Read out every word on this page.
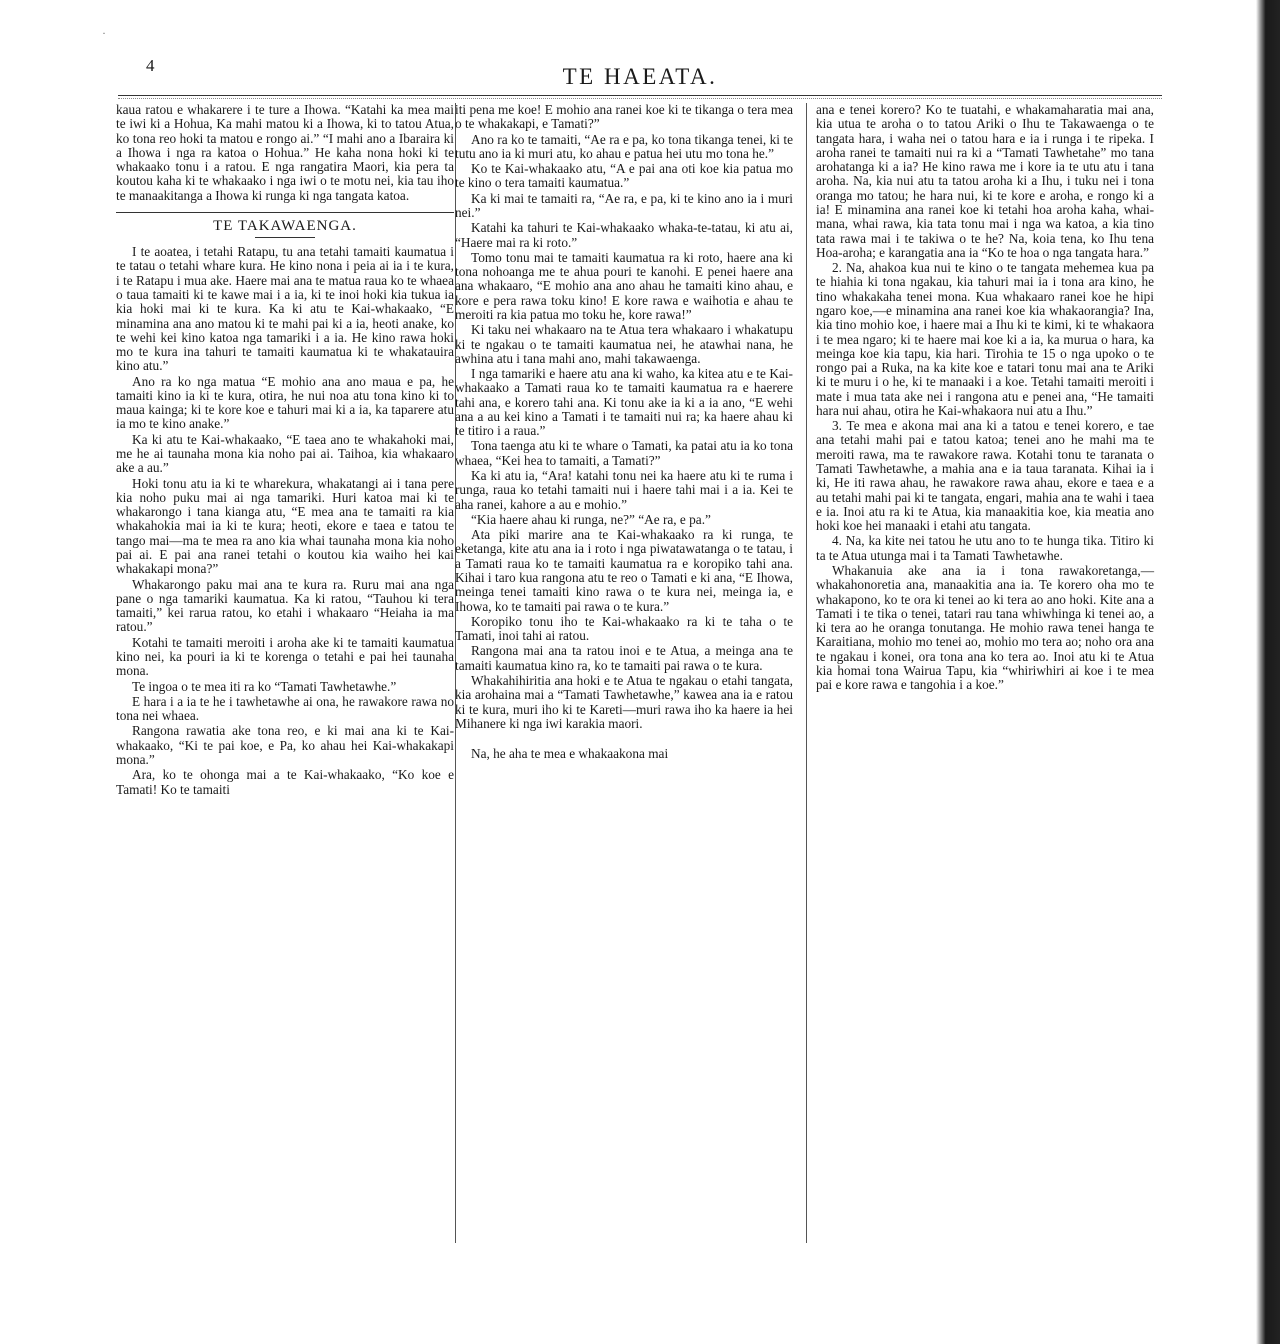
·
4	TE HAEATA.

kaua ratou e whakarere i te ture a Ihowa. “Katahi ka mea mai te iwi ki a Hohua, Ka mahi matou ki a Ihowa, ki to tatou Atua, ko tona reo hoki ta matou e rongo ai.” “I mahi ano a Ibaraira ki a Ihowa i nga ra katoa o Hohua.” He kaha nona hoki ki te whakaako tonu i a ratou. E nga rangatira Maori, kia pera ta koutou kaha ki te whakaako i nga iwi o te motu nei, kia tau iho te manaakitanga a Ihowa ki runga ki nga tangata katoa.

TE TAKAWAENGA.

I te aoatea, i tetahi Ratapu, tu ana tetahi tamaiti kaumatua i te tatau o tetahi whare kura. He kino nona i peia ai ia i te kura, i te Ratapu i mua ake. Haere mai ana te matua raua ko te whaea o taua tamaiti ki te kawe mai i a ia, ki te inoi hoki kia tukua ia kia hoki mai ki te kura. Ka ki atu te Kai-whakaako, “E minamina ana ano matou ki te mahi pai ki a ia, heoti anake, ko te wehi kei kino katoa nga tamariki i a ia. He kino rawa hoki mo te kura ina tahuri te tamaiti kaumatua ki te whakatauira kino atu.”

Ano ra ko nga matua “E mohio ana ano maua e pa, he tamaiti kino ia ki te kura, otira, he nui noa atu tona kino ki to maua kainga; ki te kore koe e tahuri mai ki a ia, ka taparere atu ia mo te kino anake.”

Ka ki atu te Kai-whakaako, “E taea ano te whakahoki mai, me he ai taunaha mona kia noho pai ai. Taihoa, kia whakaaro ake a au.”

Hoki tonu atu ia ki te wharekura, whakatangi ai i tana pere kia noho puku mai ai nga tamariki. Huri katoa mai ki te whakarongo i tana kianga atu, “E mea ana te tamaiti ra kia whakahokia mai ia ki te kura; heoti, ekore e taea e tatou te tango mai—ma te mea ra ano kia whai taunaha mona kia noho pai ai. E pai ana ranei tetahi o koutou kia waiho hei kai whakakapi mona?”

Whakarongo paku mai ana te kura ra. Ruru mai ana nga pane o nga tamariki kaumatua. Ka ki ratou, “Tauhou ki tera tamaiti,” kei rarua ratou, ko etahi i whakaaro “Heiaha ia ma ratou.”

Kotahi te tamaiti meroiti i aroha ake ki te tamaiti kaumatua kino nei, ka pouri ia ki te korenga o tetahi e pai hei taunaha mona.

Te ingoa o te mea iti ra ko “Tamati Tawhetawhe.”

E hara i a ia te he i tawhetawhe ai ona, he rawakore rawa no tona nei whaea.

Rangona rawatia ake tona reo, e ki mai ana ki te Kai-whakaako, “Ki te pai koe, e Pa, ko ahau hei Kai-whakakapi mona.”

Ara, ko te ohonga mai a te Kai-whakaako, “Ko koe e Tamati! Ko te tamaiti

iti pena me koe! E mohio ana ranei koe ki te tikanga o tera mea o te whakakapi, e Tamati?”

Ano ra ko te tamaiti, “Ae ra e pa, ko tona tikanga tenei, ki te tutu ano ia ki muri atu, ko ahau e patua hei utu mo tona he.”

Ko te Kai-whakaako atu, “A e pai ana oti koe kia patua mo te kino o tera tamaiti kaumatua.”

Ka ki mai te tamaiti ra, “Ae ra, e pa, ki te kino ano ia i muri nei.”

Katahi ka tahuri te Kai-whakaako whaka-te-tatau, ki atu ai, “Haere mai ra ki roto.”

Tomo tonu mai te tamaiti kaumatua ra ki roto, haere ana ki tona nohoanga me te ahua pouri te kanohi. E penei haere ana ana whakaaro, “E mohio ana ano ahau he tamaiti kino ahau, e kore e pera rawa toku kino! E kore rawa e waihotia e ahau te meroiti ra kia patua mo toku he, kore rawa!”

Ki taku nei whakaaro na te Atua tera whakaaro i whakatupu ki te ngakau o te tamaiti kaumatua nei, he atawhai nana, he awhina atu i tana mahi ano, mahi takawaenga.

I nga tamariki e haere atu ana ki waho, ka kitea atu e te Kai-whakaako a Tamati raua ko te tamaiti kaumatua ra e haerere tahi ana, e korero tahi ana. Ki tonu ake ia ki a ia ano, “E wehi ana a au kei kino a Tamati i te tamaiti nui ra; ka haere ahau ki te titiro i a raua.”

Tona taenga atu ki te whare o Tamati, ka patai atu ia ko tona whaea, “Kei hea to tamaiti, a Tamati?”

Ka ki atu ia, “Ara! katahi tonu nei ka haere atu ki te ruma i runga, raua ko tetahi tamaiti nui i haere tahi mai i a ia. Kei te aha ranei, kahore a au e mohio.”

“Kia haere ahau ki runga, ne?” “Ae ra, e pa.”

Ata piki marire ana te Kai-whakaako ra ki runga, te eketanga, kite atu ana ia i roto i nga piwatawatanga o te tatau, i a Tamati raua ko te tamaiti kaumatua ra e koropiko tahi ana. Kihai i taro kua rangona atu te reo o Tamati e ki ana, “E Ihowa, meinga tenei tamaiti kino rawa o te kura nei, meinga ia, e Ihowa, ko te tamaiti pai rawa o te kura.”

Koropiko tonu iho te Kai-whakaako ra ki te taha o te Tamati, inoi tahi ai ratou.

Rangona mai ana ta ratou inoi e te Atua, a meinga ana te tamaiti kaumatua kino ra, ko te tamaiti pai rawa o te kura.

Whakahihiritia ana hoki e te Atua te ngakau o etahi tangata, kia arohaina mai a “Tamati Tawhetawhe,” kawea ana ia e ratou ki te kura, muri iho ki te Kareti—muri rawa iho ka haere ia hei Mihanere ki nga iwi karakia maori.

Na, he aha te mea e whakaakona mai

ana e tenei korero? Ko te tuatahi, e whakamaharatia mai ana, kia utua te aroha o to tatou Ariki o Ihu te Takawaenga o te tangata hara, i waha nei o tatou hara e ia i runga i te ripeka. I aroha ranei te tamaiti nui ra ki a “Tamati Tawhetahe” mo tana arohatanga ki a ia? He kino rawa me i kore ia te utu atu i tana aroha. Na, kia nui atu ta tatou aroha ki a Ihu, i tuku nei i tona oranga mo tatou; he hara nui, ki te kore e aroha, e rongo ki a ia! E minamina ana ranei koe ki tetahi hoa aroha kaha, whai-mana, whai rawa, kia tata tonu mai i nga wa katoa, a kia tino tata rawa mai i te takiwa o te he? Na, koia tena, ko Ihu tena Hoa-aroha; e karangatia ana ia “Ko te hoa o nga tangata hara.”

2. Na, ahakoa kua nui te kino o te tangata mehemea kua pa te hiahia ki tona ngakau, kia tahuri mai ia i tona ara kino, he tino whakakaha tenei mona. Kua whakaaro ranei koe he hipi ngaro koe,—e minamina ana ranei koe kia whakaorangia? Ina, kia tino mohio koe, i haere mai a Ihu ki te kimi, ki te whakaora i te mea ngaro; ki te haere mai koe ki a ia, ka murua o hara, ka meinga koe kia tapu, kia hari. Tirohia te 15 o nga upoko o te rongo pai a Ruka, na ka kite koe e tatari tonu mai ana te Ariki ki te muru i o he, ki te manaaki i a koe. Tetahi tamaiti meroiti i mate i mua tata ake nei i rangona atu e penei ana, “He tamaiti hara nui ahau, otira he Kai-whakaora nui atu a Ihu.”

3. Te mea e akona mai ana ki a tatou e tenei korero, e tae ana tetahi mahi pai e tatou katoa; tenei ano he mahi ma te meroiti rawa, ma te rawakore rawa. Kotahi tonu te taranata o Tamati Tawhetawhe, a mahia ana e ia taua taranata. Kihai ia i ki, He iti rawa ahau, he rawakore rawa ahau, ekore e taea e a au tetahi mahi pai ki te tangata, engari, mahia ana te wahi i taea e ia. Inoi atu ra ki te Atua, kia manaakitia koe, kia meatia ano hoki koe hei manaaki i etahi atu tangata.

4. Na, ka kite nei tatou he utu ano to te hunga tika. Titiro ki ta te Atua utunga mai i ta Tamati Tawhetawhe.

Whakanuia ake ana ia i tona rawakoretanga,—whakahonoretia ana, manaakitia ana ia. Te korero oha mo te whakapono, ko te ora ki tenei ao ki tera ao ano hoki. Kite ana a Tamati i te tika o tenei, tatari rau tana whiwhinga ki tenei ao, a ki tera ao he oranga tonutanga. He mohio rawa tenei hanga te Karaitiana, mohio mo tenei ao, mohio mo tera ao; noho ora ana te ngakau i konei, ora tona ana ko tera ao. Inoi atu ki te Atua kia homai tona Wairua Tapu, kia “whiriwhiri ai koe i te mea pai e kore rawa e tangohia i a koe.”
